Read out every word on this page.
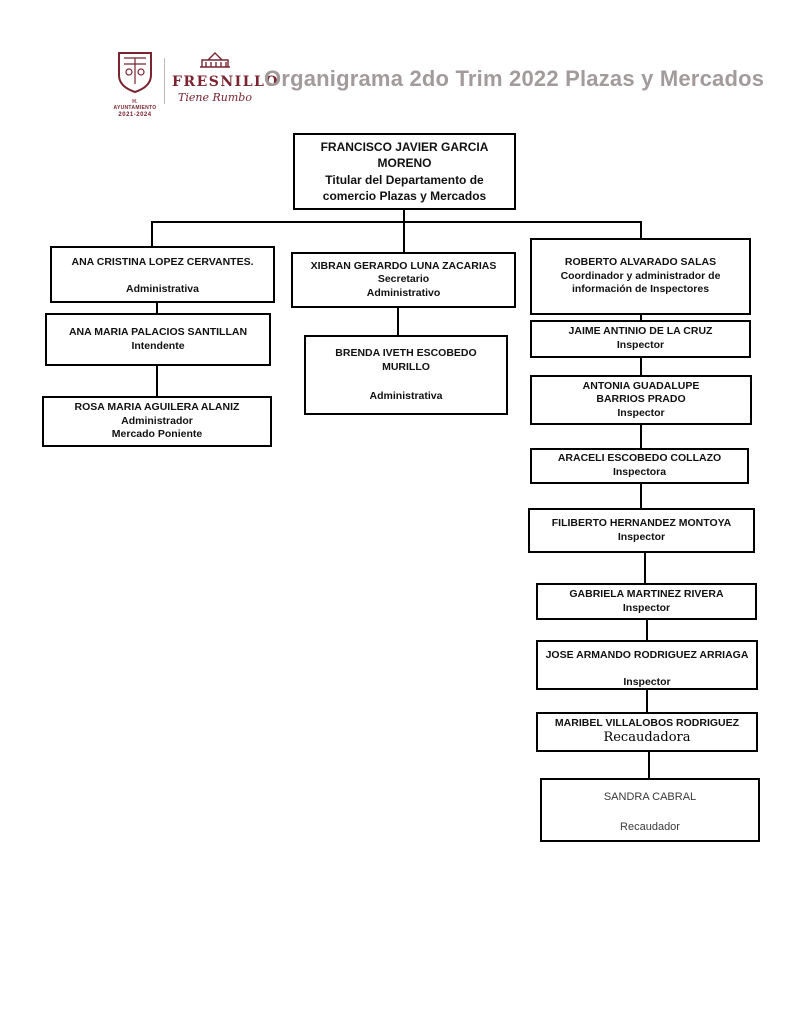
H. AYUNTAMIENTO
2021-2024
FRESNILLO
Tiene Rumbo
Organigrama 2do Trim 2022 Plazas y Mercados
FRANCISCO JAVIER GARCIA MORENO
Titular del Departamento de comercio Plazas y Mercados
ANA CRISTINA LOPEZ CERVANTES.
Administrativa
ANA MARIA PALACIOS SANTILLAN
Intendente
ROSA MARIA AGUILERA ALANIZ
Administrador
Mercado Poniente
XIBRAN GERARDO LUNA ZACARIAS
Secretario
Administrativo
BRENDA IVETH ESCOBEDO MURILLO
Administrativa
ROBERTO ALVARADO SALAS
Coordinador y administrador de información de Inspectores
JAIME ANTINIO DE LA CRUZ
Inspector
ANTONIA GUADALUPE BARRIOS PRADO
Inspector
ARACELI ESCOBEDO COLLAZO
Inspectora
FILIBERTO HERNANDEZ MONTOYA
Inspector
GABRIELA MARTINEZ RIVERA
Inspector
JOSE ARMANDO RODRIGUEZ ARRIAGA
Inspector
MARIBEL VILLALOBOS RODRIGUEZ
Recaudadora
SANDRA CABRAL
Recaudador
